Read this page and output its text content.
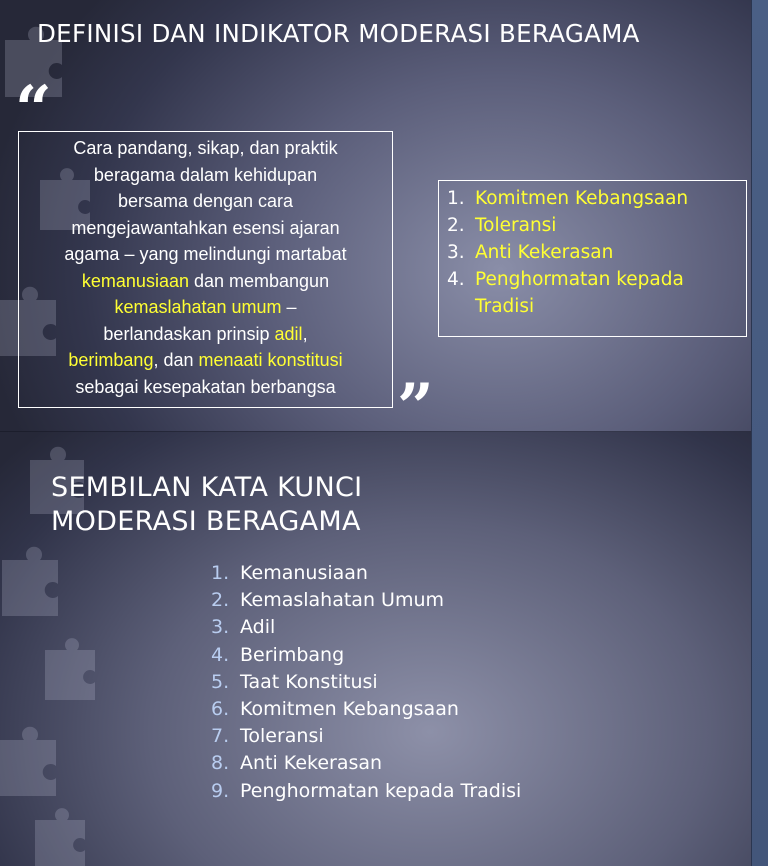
DEFINISI DAN INDIKATOR MODERASI BERAGAMA
“
Cara pandang, sikap, dan praktik
beragama dalam kehidupan
bersama dengan cara
mengejawantahkan esensi ajaran
agama – yang melindungi martabat
kemanusiaan dan membangun
kemaslahatan umum –
berlandaskan prinsip adil,
berimbang, dan menaati konstitusi
sebagai kesepakatan berbangsa ”
1. Komitmen Kebangsaan
2. Toleransi
3. Anti Kekerasan
4. Penghormatan kepada
Tradisi
SEMBILAN KATA KUNCI
MODERASI BERAGAMA
1. Kemanusiaan
2. Kemaslahatan Umum
3. Adil
4. Berimbang
5. Taat Konstitusi
6. Komitmen Kebangsaan
7. Toleransi
8. Anti Kekerasan
9. Penghormatan kepada Tradisi
